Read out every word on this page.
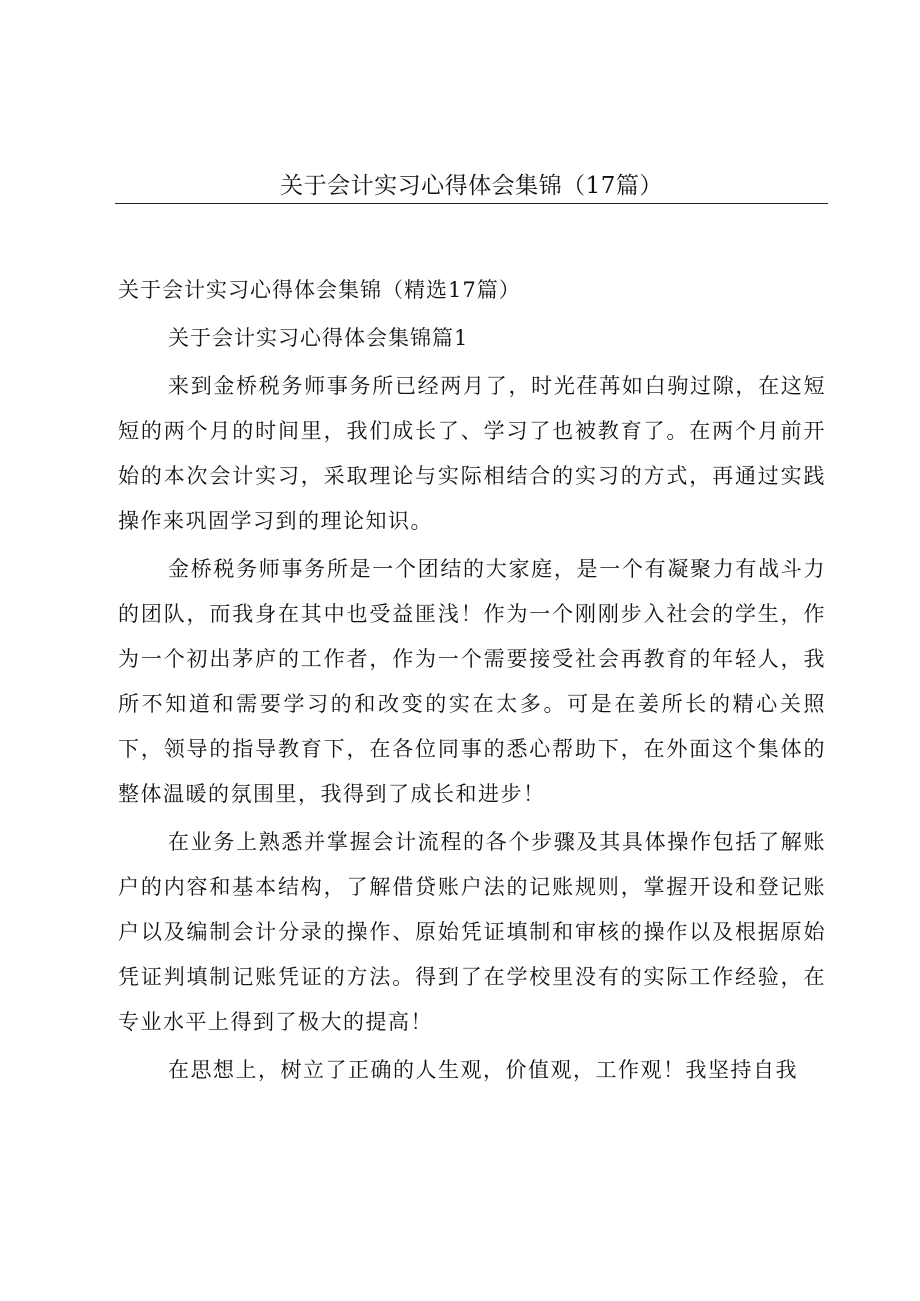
关于会计实习心得体会集锦（17篇）

关于会计实习心得体会集锦（精选17篇）

关于会计实习心得体会集锦篇1

来到金桥税务师事务所已经两月了，时光荏苒如白驹过隙，在这短短的两个月的时间里，我们成长了、学习了也被教育了。在两个月前开始的本次会计实习，采取理论与实际相结合的实习的方式，再通过实践操作来巩固学习到的理论知识。

金桥税务师事务所是一个团结的大家庭，是一个有凝聚力有战斗力的团队，而我身在其中也受益匪浅！作为一个刚刚步入社会的学生，作为一个初出茅庐的工作者，作为一个需要接受社会再教育的年轻人，我所不知道和需要学习的和改变的实在太多。可是在姜所长的精心关照下，领导的指导教育下，在各位同事的悉心帮助下，在外面这个集体的整体温暖的氛围里，我得到了成长和进步！

在业务上熟悉并掌握会计流程的各个步骤及其具体操作包括了解账户的内容和基本结构，了解借贷账户法的记账规则，掌握开设和登记账户以及编制会计分录的操作、原始凭证填制和审核的操作以及根据原始凭证判填制记账凭证的方法。得到了在学校里没有的实际工作经验，在专业水平上得到了极大的提高！

在思想上，树立了正确的人生观，价值观，工作观！我坚持自我
